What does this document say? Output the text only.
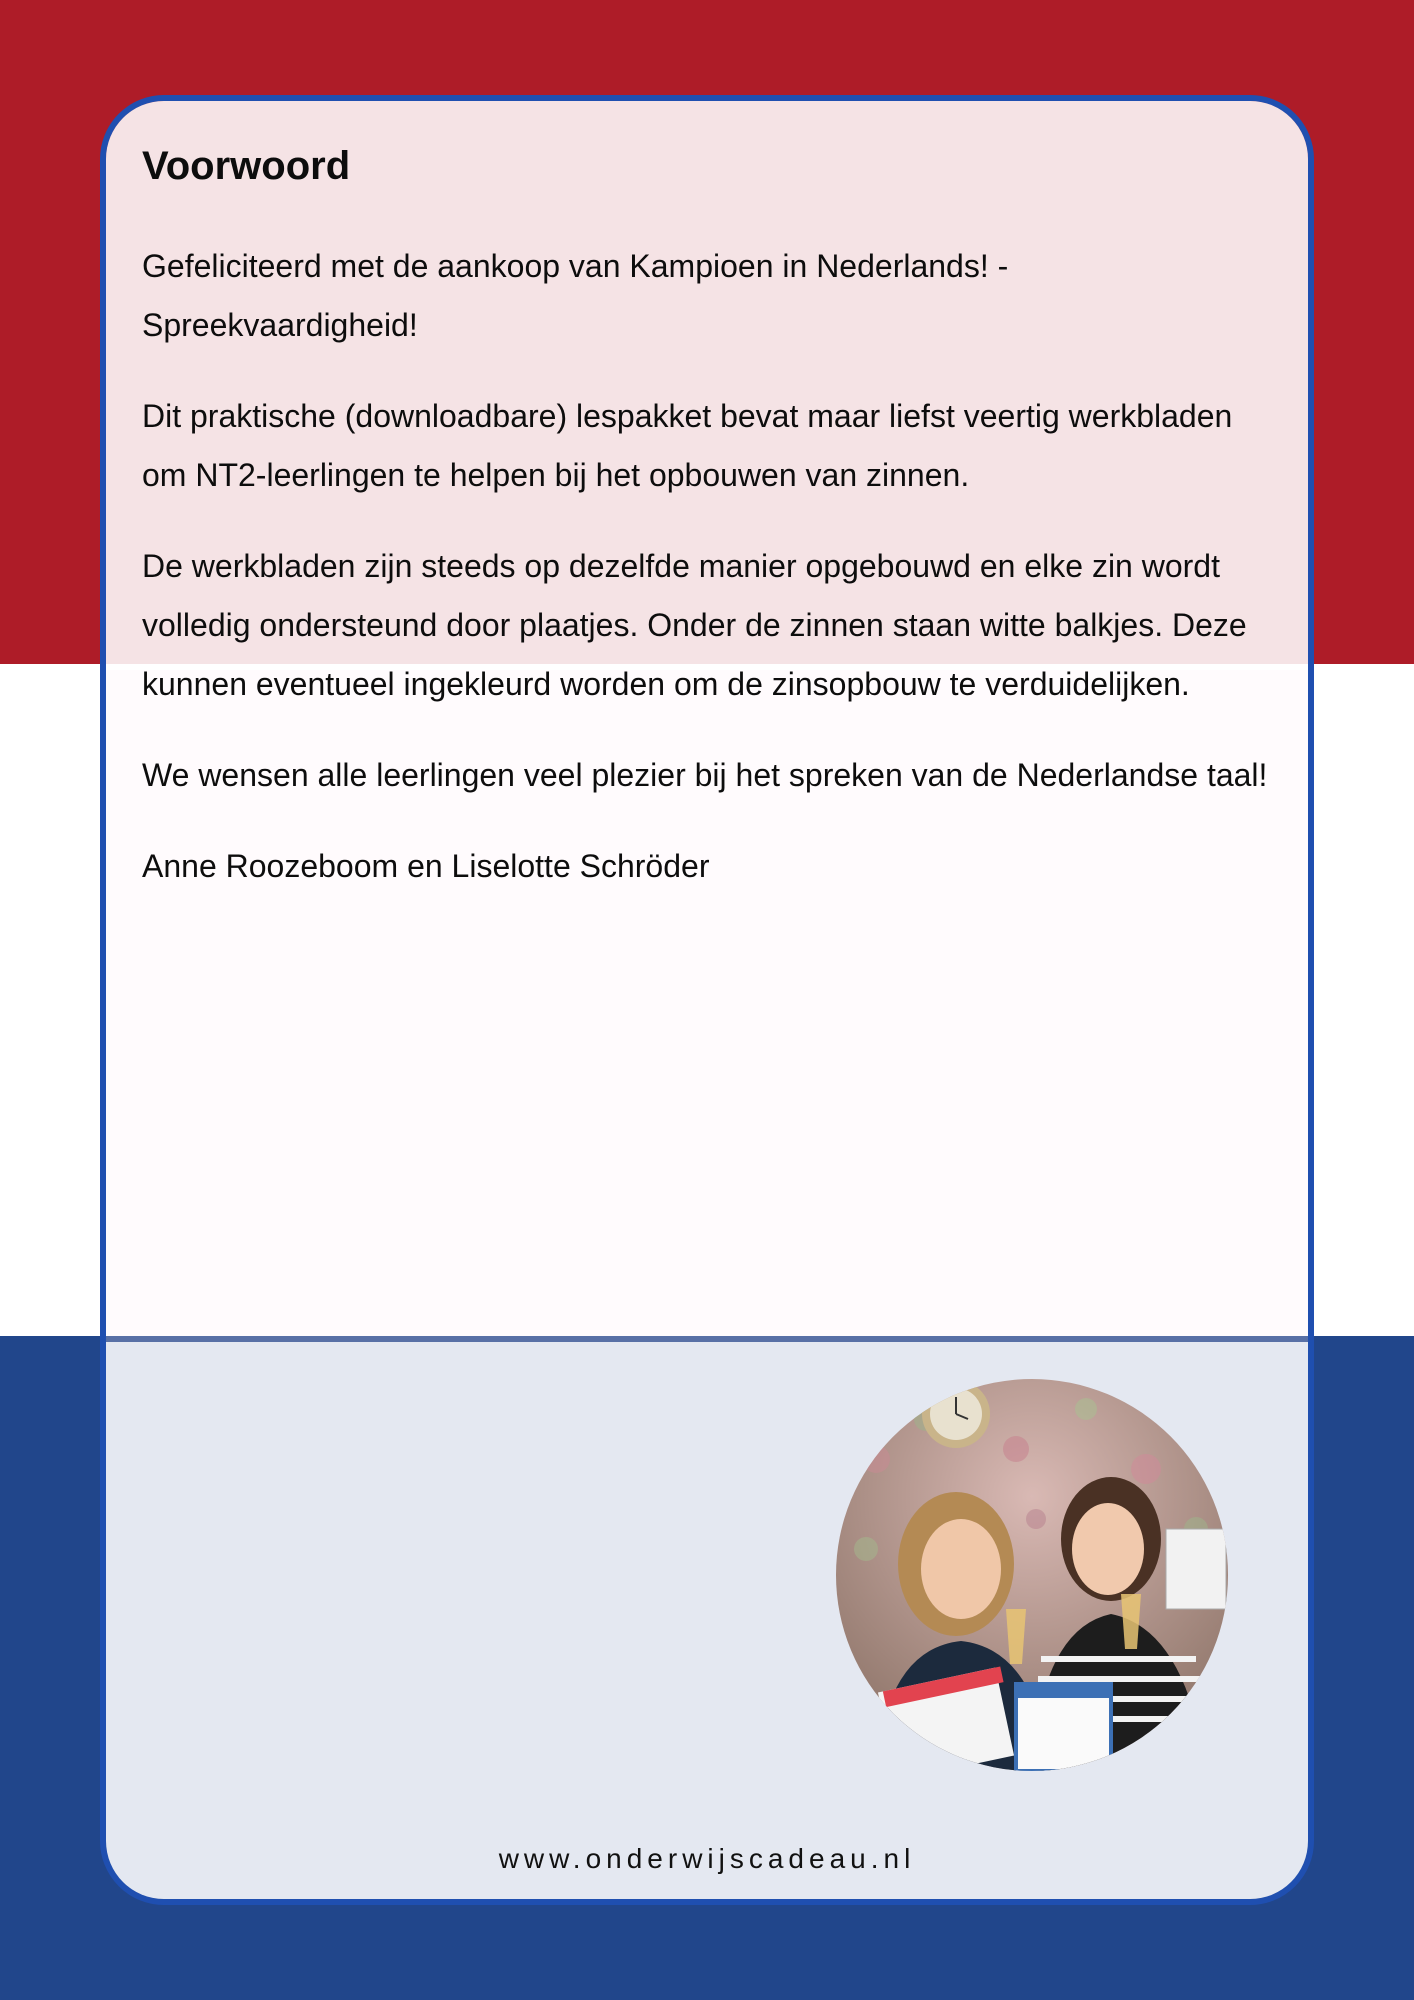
Voorwoord

Gefeliciteerd met de aankoop van Kampioen in Nederlands! - Spreekvaardigheid!

Dit praktische (downloadbare) lespakket bevat maar liefst veertig werkbladen om NT2-leerlingen te helpen bij het opbouwen van zinnen.

De werkbladen zijn steeds op dezelfde manier opgebouwd en elke zin wordt volledig ondersteund door plaatjes. Onder de zinnen staan witte balkjes. Deze kunnen eventueel ingekleurd worden om de zinsopbouw te verduidelijken.

We wensen alle leerlingen veel plezier bij het spreken van de Nederlandse taal!

Anne Roozeboom en Liselotte Schröder

www.onderwijscadeau.nl
